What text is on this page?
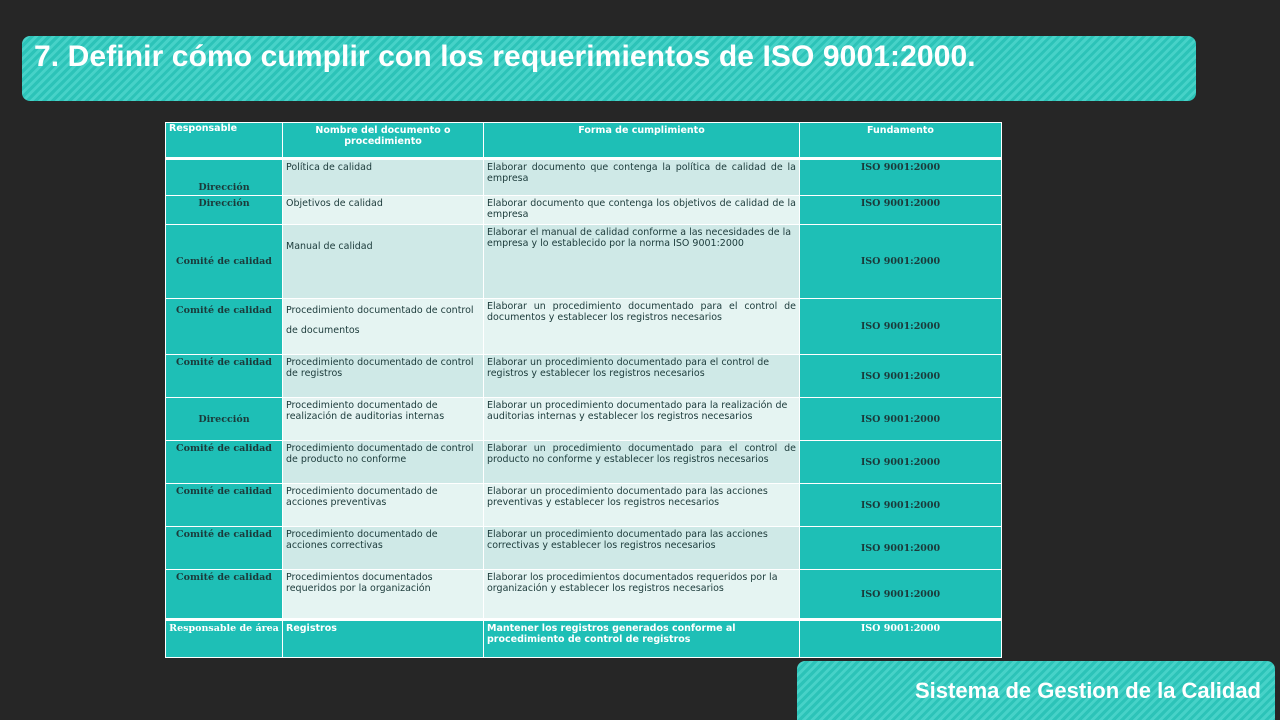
7. Definir cómo cumplir con los requerimientos de ISO 9001:2000.
Responsable	Nombre del documento o procedimiento	Forma de cumplimiento	Fundamento
Dirección	Política de calidad	Elaborar documento que contenga la política de calidad de la empresa	ISO 9001:2000
Dirección	Objetivos de calidad	Elaborar documento que contenga los objetivos de calidad de la empresa	ISO 9001:2000
Comité de calidad	Manual de calidad	Elaborar el manual de calidad conforme a las necesidades de la empresa y lo establecido por la norma ISO 9001:2000	ISO 9001:2000
Comité de calidad	Procedimiento documentado de control de documentos	Elaborar un procedimiento documentado para el control de documentos y establecer los registros necesarios	ISO 9001:2000
Comité de calidad	Procedimiento documentado de control de registros	Elaborar un procedimiento documentado para el control de registros y establecer los registros necesarios	ISO 9001:2000
Dirección	Procedimiento documentado de realización de auditorias internas	Elaborar un procedimiento documentado para la realización de auditorias internas y establecer los registros necesarios	ISO 9001:2000
Comité de calidad	Procedimiento documentado de control de producto no conforme	Elaborar un procedimiento documentado para el control de producto no conforme y establecer los registros necesarios	ISO 9001:2000
Comité de calidad	Procedimiento documentado de acciones preventivas	Elaborar un procedimiento documentado para las acciones preventivas y establecer los registros necesarios	ISO 9001:2000
Comité de calidad	Procedimiento documentado de acciones correctivas	Elaborar un procedimiento documentado para las acciones correctivas y establecer los registros necesarios	ISO 9001:2000
Comité de calidad	Procedimientos documentados requeridos por la organización	Elaborar los procedimientos documentados requeridos por la organización y establecer los registros necesarios	ISO 9001:2000
Responsable de área	Registros	Mantener los registros generados conforme al procedimiento de control de registros	ISO 9001:2000
Sistema de Gestion de la Calidad
